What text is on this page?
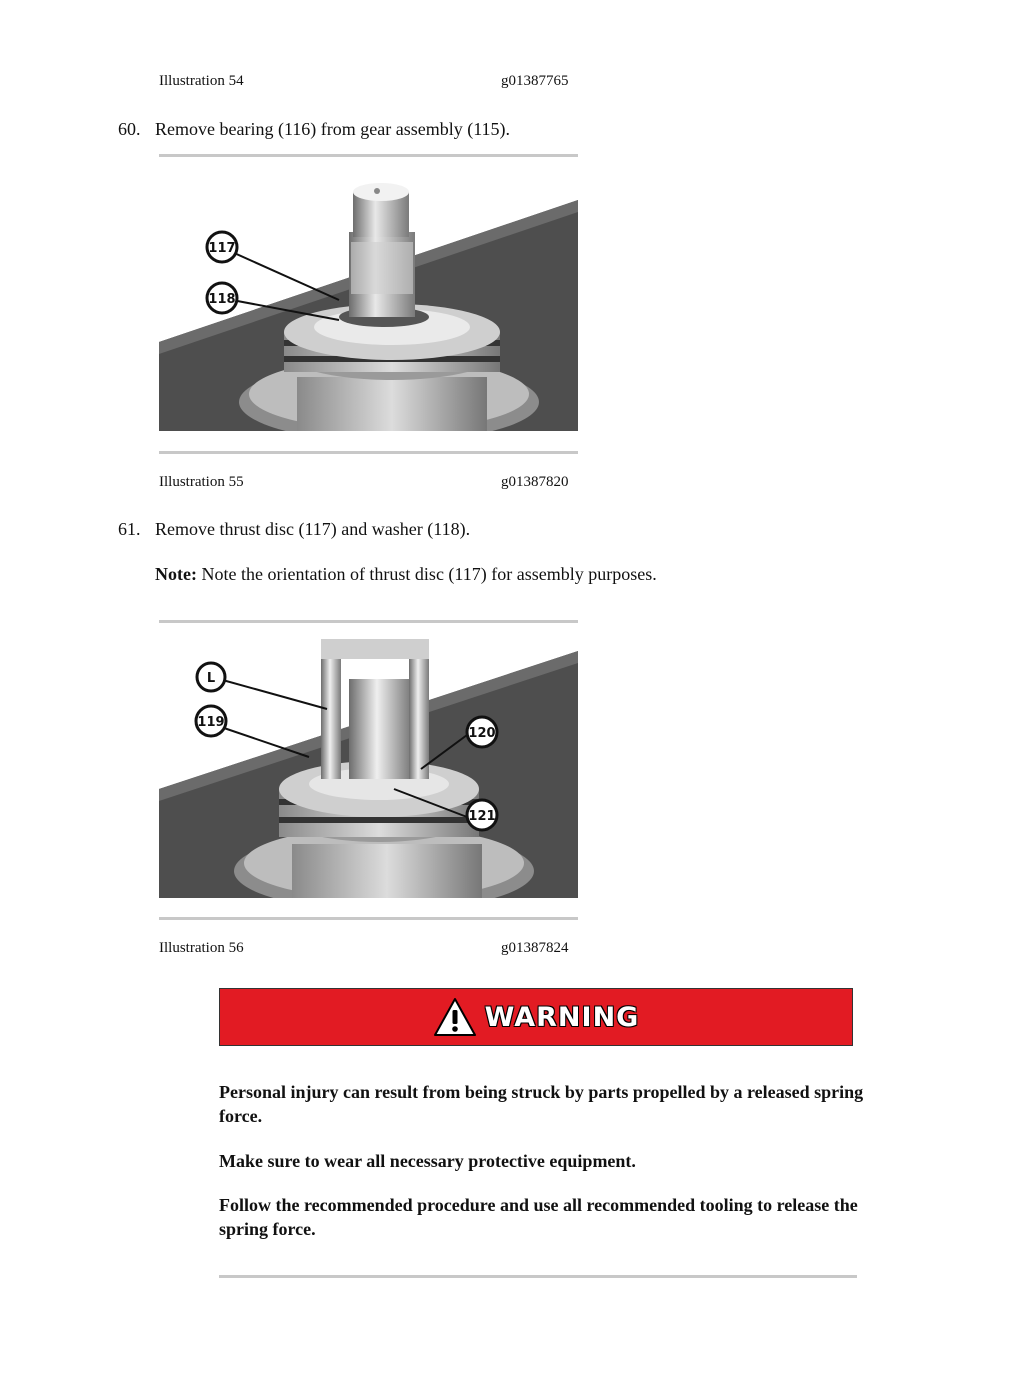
Illustration 54	g01387765
60. Remove bearing (116) from gear assembly (115).
117
118
Illustration 55	g01387820
61. Remove thrust disc (117) and washer (118).
Note: Note the orientation of thrust disc (117) for assembly purposes.
L
119
120
121
Illustration 56	g01387824
WARNING
Personal injury can result from being struck by parts propelled by a released spring force.
Make sure to wear all necessary protective equipment.
Follow the recommended procedure and use all recommended tooling to release the spring force.
